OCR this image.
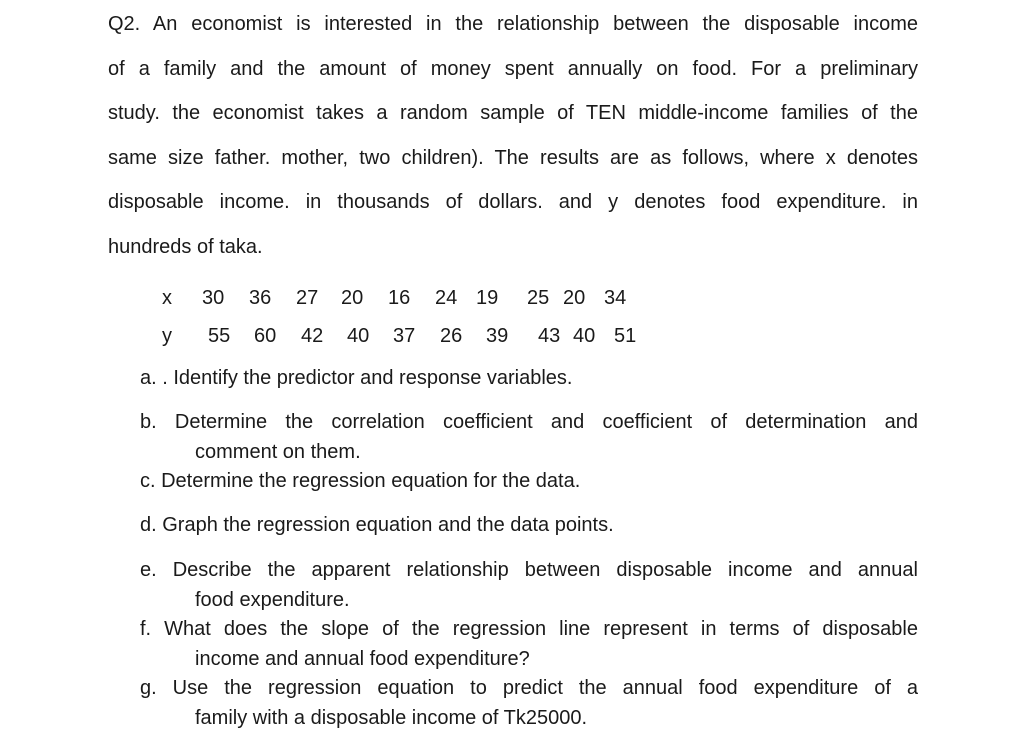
Q2. An economist is interested in the relationship between the disposable income
of a family and the amount of money spent annually on food. For a preliminary
study. the economist takes a random sample of TEN middle-income families of the
same size father. mother, two children). The results are as follows, where x denotes
disposable income. in thousands of dollars. and y denotes food expenditure. in
hundreds of taka.
x 30 36 27 20 16 24 19 25 20 34
y 55 60 42 40 37 26 39 43 40 51
a. . Identify the predictor and response variables.
b. Determine the correlation coefficient and coefficient of determination and
comment on them.
c. Determine the regression equation for the data.
d. Graph the regression equation and the data points.
e. Describe the apparent relationship between disposable income and annual
food expenditure.
f. What does the slope of the regression line represent in terms of disposable
income and annual food expenditure?
g. Use the regression equation to predict the annual food expenditure of a
family with a disposable income of Tk25000.
